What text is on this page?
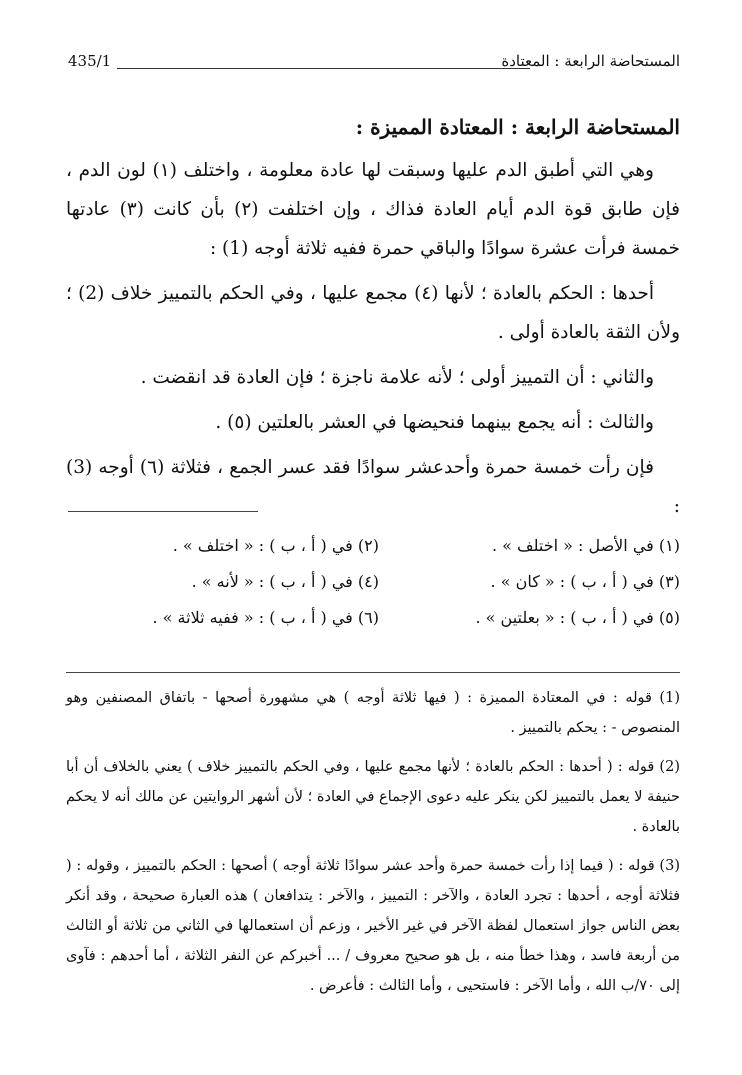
المستحاضة الرابعة : المعتادة
435/1

المستحاضة الرابعة : المعتادة المميزة :

وهي التي أطبق الدم عليها وسبقت لها عادة معلومة ، واختلف (١) لون الدم ، فإن طابق قوة الدم أيام العادة فذاك ، وإن اختلفت (٢) بأن كانت (٣) عادتها خمسة فرأت عشرة سوادًا والباقي حمرة ففيه ثلاثة أوجه (1) :

أحدها : الحكم بالعادة ؛ لأنها (٤) مجمع عليها ، وفي الحكم بالتمييز خلاف (2) ؛ ولأن الثقة بالعادة أولى .

والثاني : أن التمييز أولى ؛ لأنه علامة ناجزة ؛ فإن العادة قد انقضت .

والثالث : أنه يجمع بينهما فنحيضها في العشر بالعلتين (٥) .

فإن رأت خمسة حمرة وأحدعشر سوادًا فقد عسر الجمع ، فثلاثة (٦) أوجه (3) :

(١) في الأصل : « اختلف » .
(٢) في ( أ ، ب ) : « اختلف » .
(٣) في ( أ ، ب ) : « كان » .
(٤) في ( أ ، ب ) : « لأنه » .
(٥) في ( أ ، ب ) : « بعلتين » .
(٦) في ( أ ، ب ) : « ففيه ثلاثة » .

(1) قوله : في المعتادة المميزة : ( فيها ثلاثة أوجه ) هي مشهورة أصحها - باتفاق المصنفين وهو المنصوص - : يحكم بالتمييز .

(2) قوله : ( أحدها : الحكم بالعادة ؛ لأنها مجمع عليها ، وفي الحكم بالتمييز خلاف ) يعني بالخلاف أن أبا حنيفة لا يعمل بالتمييز لكن ينكر عليه دعوى الإجماع في العادة ؛ لأن أشهر الروايتين عن مالك أنه لا يحكم بالعادة .

(3) قوله : ( فيما إذا رأت خمسة حمرة وأحد عشر سوادًا ثلاثة أوجه ) أصحها : الحكم بالتمييز ، وقوله : ( فثلاثة أوجه ، أحدها : تجرد العادة ، والآخر : التمييز ، والآخر : يتدافعان ) هذه العبارة صحيحة ، وقد أنكر بعض الناس جواز استعمال لفظة الآخر في غير الأخير ، وزعم أن استعمالها في الثاني من ثلاثة أو الثالث من أربعة فاسد ، وهذا خطأ منه ، بل هو صحيح معروف / ... أخبركم عن النفر الثلاثة ، أما أحدهم : فآوى إلى ٧٠/ب الله ، وأما الآخر : فاستحيى ، وأما الثالث : فأعرض .
